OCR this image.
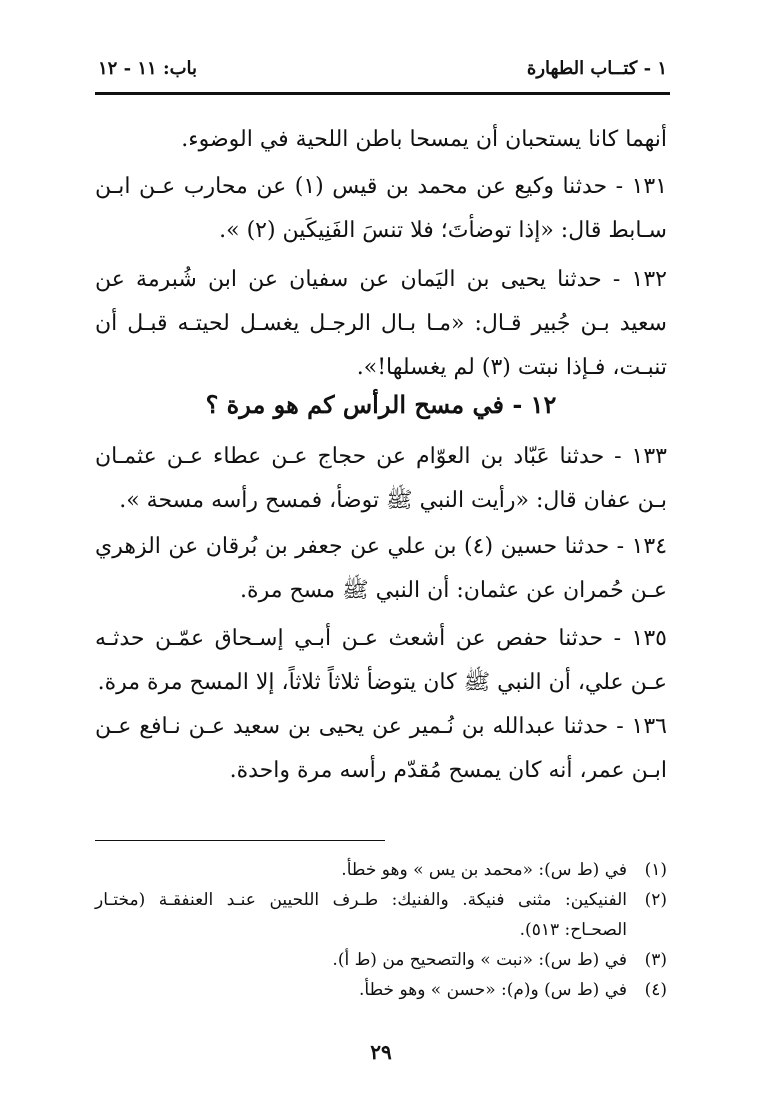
١ - كتــاب الطهارة
باب: ١١ - ١٢
أنهما كانا يستحبان أن يمسحا باطن اللحية في الوضوء.
١٣١ - حدثنا وكيع عن محمد بن قيس (١) عن محارب عـن ابـن سـابط قال: «إذا توضأتَ؛ فلا تنسَ الفَنِيكَين (٢) ».
١٣٢ - حدثنا يحيى بن اليَمان عن سفيان عن ابن شُبرمة عن سعيد بـن جُبير قـال: «مـا بـال الرجـل يغسـل لحيتـه قبـل أن تنبـت، فـإذا نبتت (٣) لم يغسلها!».
١٢ - في مسح الرأس كم هو مرة ؟
١٣٣ - حدثنا عَبّاد بن العوّام عن حجاج عـن عطاء عـن عثمـان بـن عفان قال: «رأيت النبي ﷺ توضأ، فمسح رأسه مسحة ».
١٣٤ - حدثنا حسين (٤) بن علي عن جعفر بن بُرقان عن الزهري عـن حُمران عن عثمان: أن النبي ﷺ مسح مرة.
١٣٥ - حدثنا حفص عن أشعث عـن أبـي إسـحاق عمّـن حدثـه عـن علي، أن النبي ﷺ كان يتوضأ ثلاثاً ثلاثاً، إلا المسح مرة مرة.
١٣٦ - حدثنا عبدالله بن نُـمير عن يحيى بن سعيد عـن نـافع عـن ابـن عمر، أنه كان يمسح مُقدّم رأسه مرة واحدة.
(١)
في (ط س): «محمد بن يس » وهو خطأ.
(٢)
الفنيكين: مثنى فنيكة. والفنيك: طـرف اللحيين عنـد العنفقـة (مختـار الصحـاح: ٥١٣).
(٣)
في (ط س): «نبت » والتصحيح من (ط أ).
(٤)
في (ط س) و(م): «حسن » وهو خطأ.
٢٩
